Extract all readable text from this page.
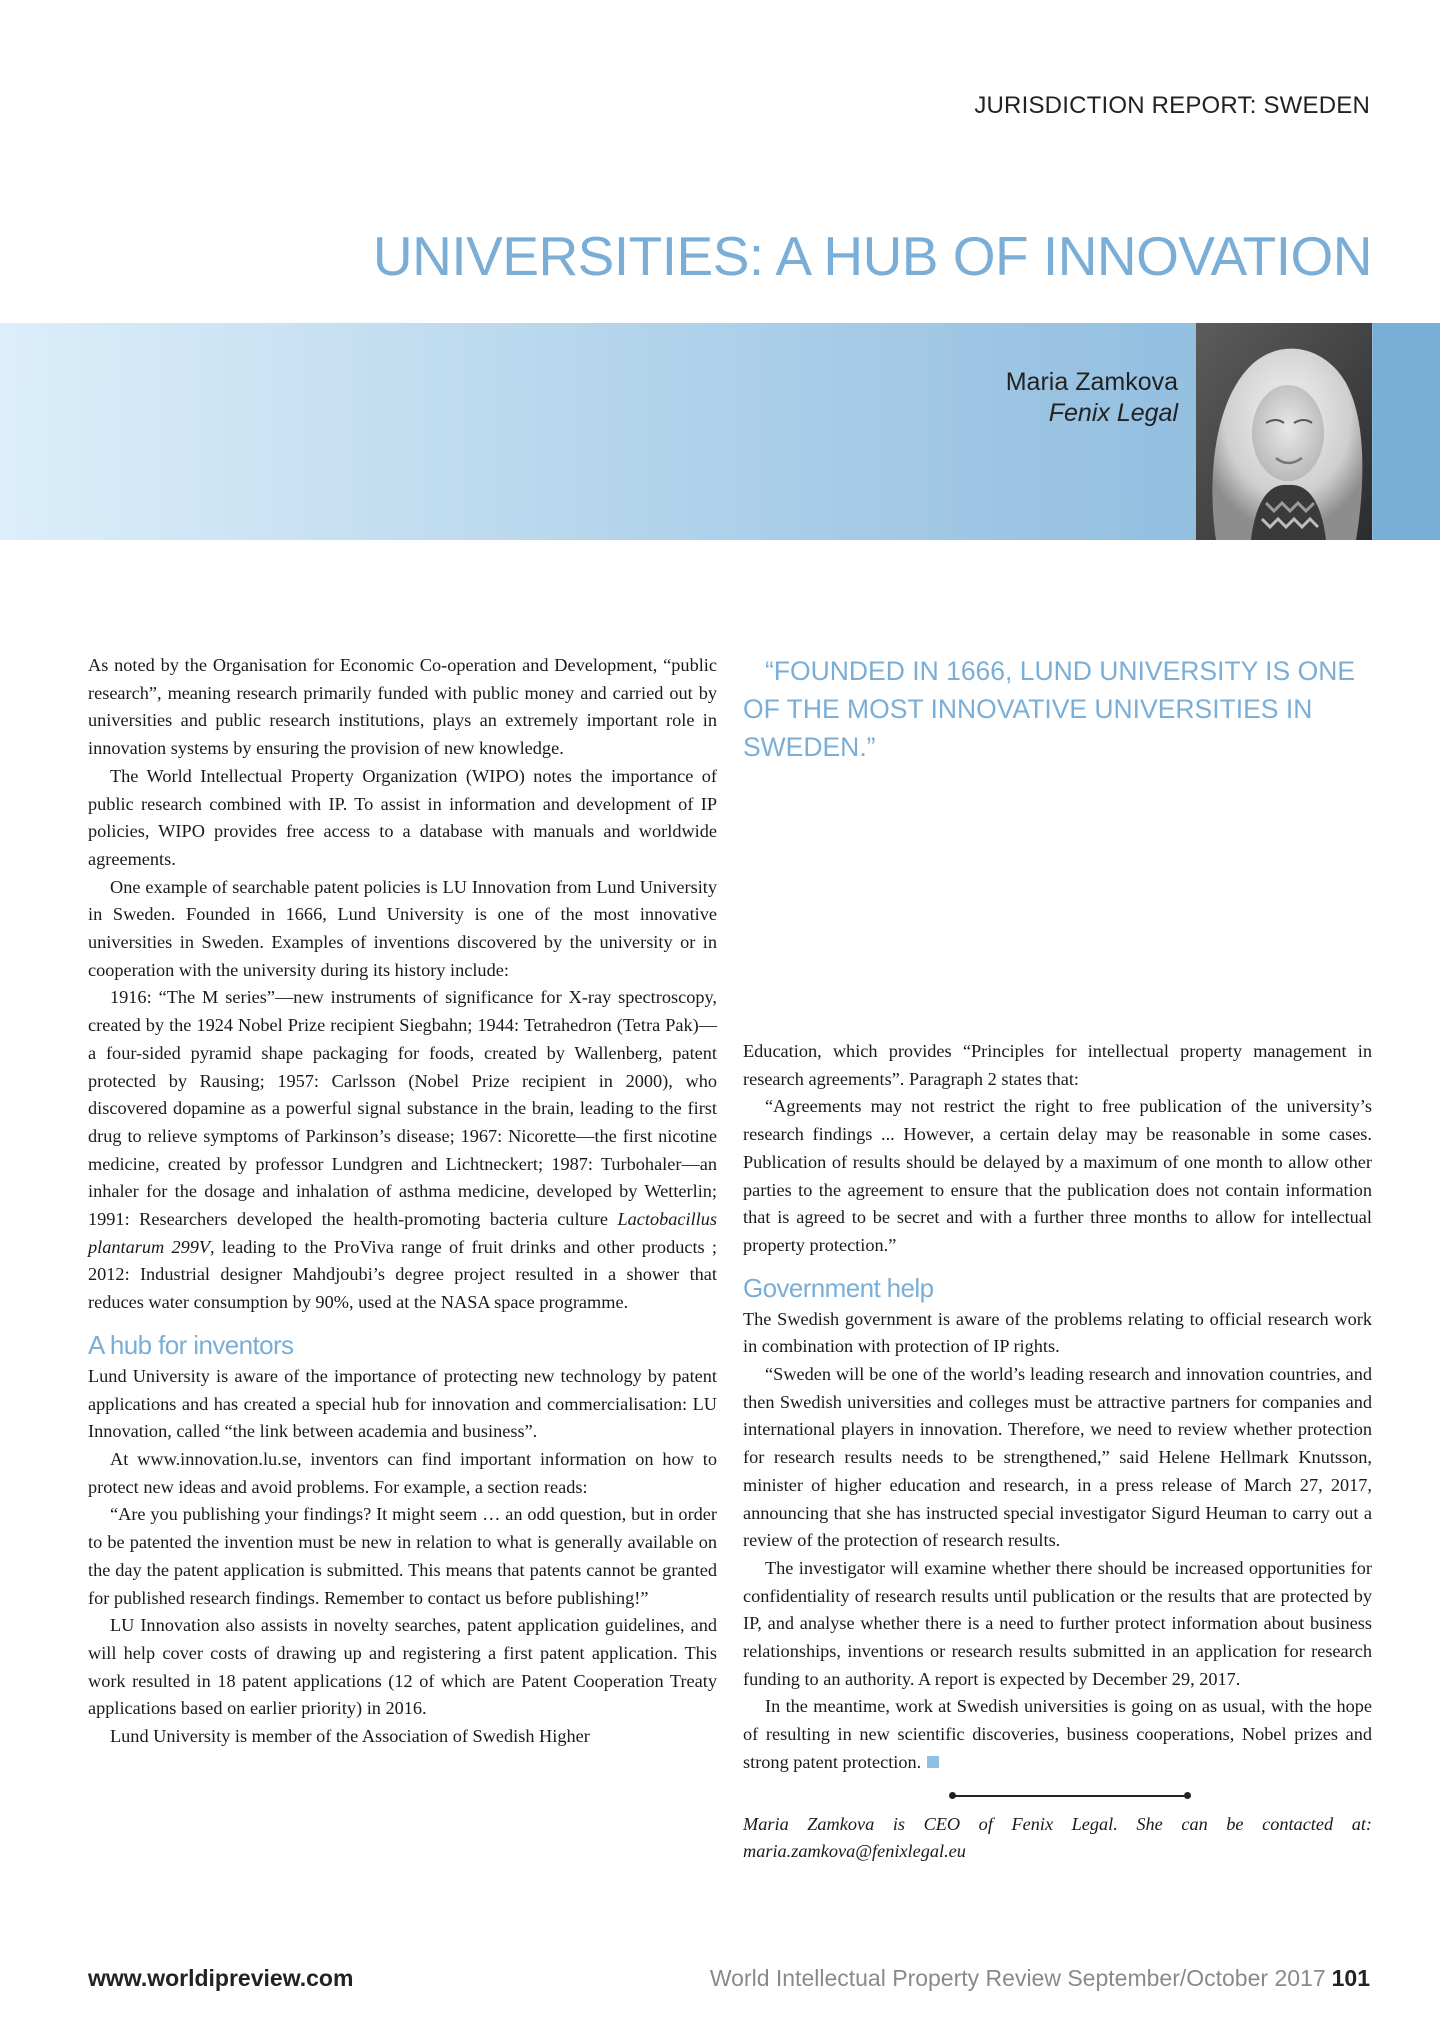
JURISDICTION REPORT: SWEDEN
UNIVERSITIES: A HUB OF INNOVATION
Maria Zamkova
Fenix Legal

As noted by the Organisation for Economic Co-operation and Development, “public research”, meaning research primarily funded with public money and carried out by universities and public research institutions, plays an extremely important role in innovation systems by ensuring the provision of new knowledge.

The World Intellectual Property Organization (WIPO) notes the importance of public research combined with IP. To assist in information and development of IP policies, WIPO provides free access to a database with manuals and worldwide agreements.

One example of searchable patent policies is LU Innovation from Lund University in Sweden. Founded in 1666, Lund University is one of the most innovative universities in Sweden. Examples of inventions discovered by the university or in cooperation with the university during its history include:

1916: “The M series”—new instruments of significance for X-ray spectroscopy, created by the 1924 Nobel Prize recipient Siegbahn; 1944: Tetrahedron (Tetra Pak)—a four-sided pyramid shape packaging for foods, created by Wallenberg, patent protected by Rausing; 1957: Carlsson (Nobel Prize recipient in 2000), who discovered dopamine as a powerful signal substance in the brain, leading to the first drug to relieve symptoms of Parkinson’s disease; 1967: Nicorette—the first nicotine medicine, created by professor Lundgren and Lichtneckert; 1987: Turbohaler—an inhaler for the dosage and inhalation of asthma medicine, developed by Wetterlin; 1991: Researchers developed the health-promoting bacteria culture Lactobacillus plantarum 299V, leading to the ProViva range of fruit drinks and other products ; 2012: Industrial designer Mahdjoubi’s degree project resulted in a shower that reduces water consumption by 90%, used at the NASA space programme.

A hub for inventors

Lund University is aware of the importance of protecting new technology by patent applications and has created a special hub for innovation and commercialisation: LU Innovation, called “the link between academia and business”.

At www.innovation.lu.se, inventors can find important information on how to protect new ideas and avoid problems. For example, a section reads:

“Are you publishing your findings? It might seem … an odd question, but in order to be patented the invention must be new in relation to what is generally available on the day the patent application is submitted. This means that patents cannot be granted for published research findings. Remember to contact us before publishing!”

LU Innovation also assists in novelty searches, patent application guidelines, and will help cover costs of drawing up and registering a first patent application. This work resulted in 18 patent applications (12 of which are Patent Cooperation Treaty applications based on earlier priority) in 2016.

Lund University is member of the Association of Swedish Higher

“FOUNDED IN 1666, LUND UNIVERSITY IS ONE OF THE MOST INNOVATIVE UNIVERSITIES IN SWEDEN.”

Education, which provides “Principles for intellectual property management in research agreements”. Paragraph 2 states that:

“Agreements may not restrict the right to free publication of the university’s research findings ... However, a certain delay may be reasonable in some cases. Publication of results should be delayed by a maximum of one month to allow other parties to the agreement to ensure that the publication does not contain information that is agreed to be secret and with a further three months to allow for intellectual property protection.”

Government help

The Swedish government is aware of the problems relating to official research work in combination with protection of IP rights.

“Sweden will be one of the world’s leading research and innovation countries, and then Swedish universities and colleges must be attractive partners for companies and international players in innovation. Therefore, we need to review whether protection for research results needs to be strengthened,” said Helene Hellmark Knutsson, minister of higher education and research, in a press release of March 27, 2017, announcing that she has instructed special investigator Sigurd Heuman to carry out a review of the protection of research results.

The investigator will examine whether there should be increased opportunities for confidentiality of research results until publication or the results that are protected by IP, and analyse whether there is a need to further protect information about business relationships, inventions or research results submitted in an application for research funding to an authority. A report is expected by December 29, 2017.

In the meantime, work at Swedish universities is going on as usual, with the hope of resulting in new scientific discoveries, business cooperations, Nobel prizes and strong patent protection.

Maria Zamkova is CEO of Fenix Legal. She can be contacted at: maria.zamkova@fenixlegal.eu

www.worldipreview.com	World Intellectual Property Review September/October 2017 101
